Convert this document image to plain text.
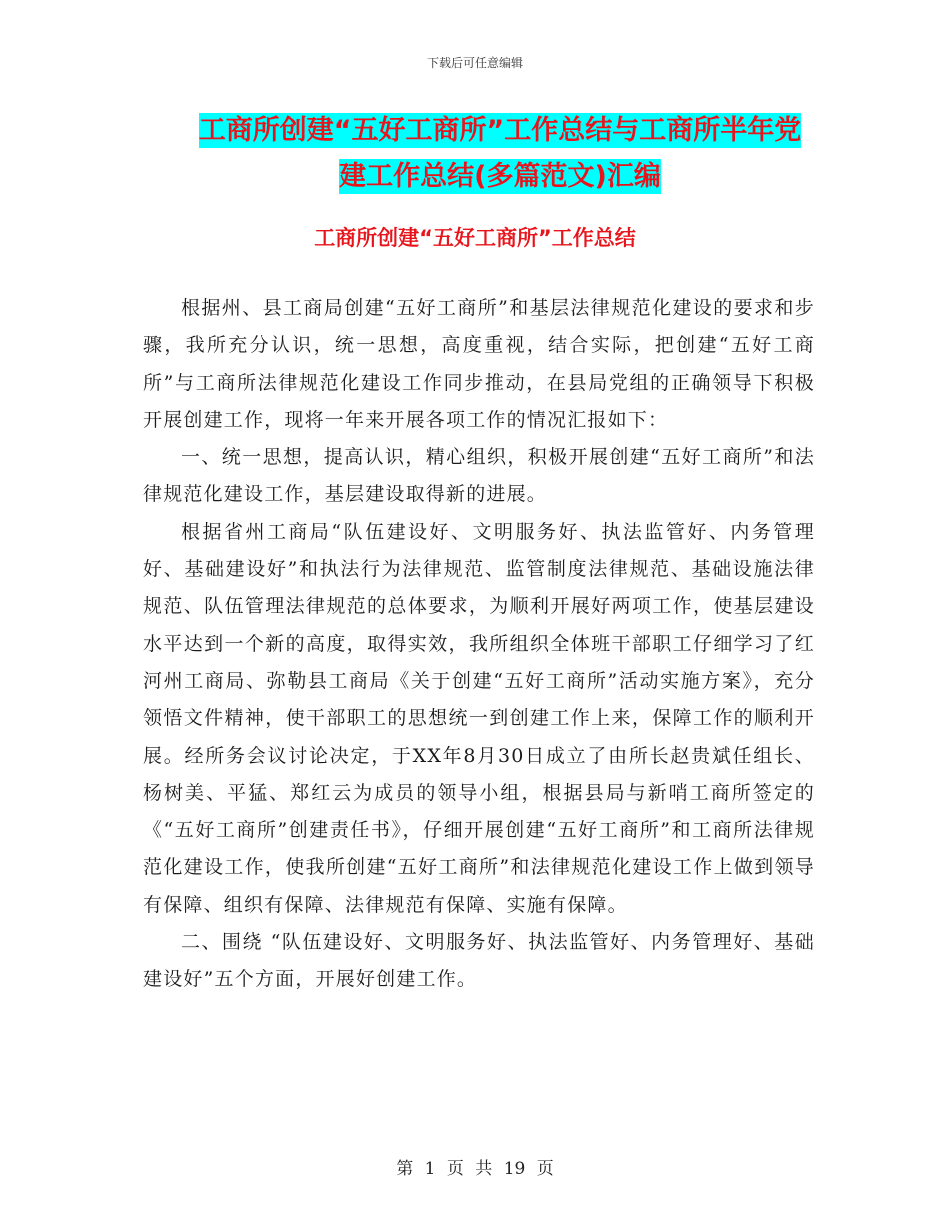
下载后可任意编辑
工商所创建“五好工商所”工作总结与工商所半年党
建工作总结(多篇范文)汇编
工商所创建“五好工商所”工作总结

根据州、县工商局创建“五好工商所”和基层法律规范化建设的要求和步骤，我所充分认识，统一思想，高度重视，结合实际，把创建“五好工商所”与工商所法律规范化建设工作同步推动，在县局党组的正确领导下积极开展创建工作，现将一年来开展各项工作的情况汇报如下：

一、统一思想，提高认识，精心组织，积极开展创建“五好工商所”和法律规范化建设工作，基层建设取得新的进展。

根据省州工商局“队伍建设好、文明服务好、执法监管好、内务管理好、基础建设好”和执法行为法律规范、监管制度法律规范、基础设施法律规范、队伍管理法律规范的总体要求，为顺利开展好两项工作，使基层建设水平达到一个新的高度，取得实效，我所组织全体班干部职工仔细学习了红河州工商局、弥勒县工商局《关于创建“五好工商所”活动实施方案》，充分领悟文件精神，使干部职工的思想统一到创建工作上来，保障工作的顺利开展。经所务会议讨论决定，于XX年8月30日成立了由所长赵贵斌任组长、杨树美、平猛、郑红云为成员的领导小组，根据县局与新哨工商所签定的《“五好工商所”创建责任书》，仔细开展创建“五好工商所”和工商所法律规范化建设工作，使我所创建“五好工商所”和法律规范化建设工作上做到领导有保障、组织有保障、法律规范有保障、实施有保障。

二、围绕 “队伍建设好、文明服务好、执法监管好、内务管理好、基础建设好”五个方面，开展好创建工作。

第 1 页 共 19 页
